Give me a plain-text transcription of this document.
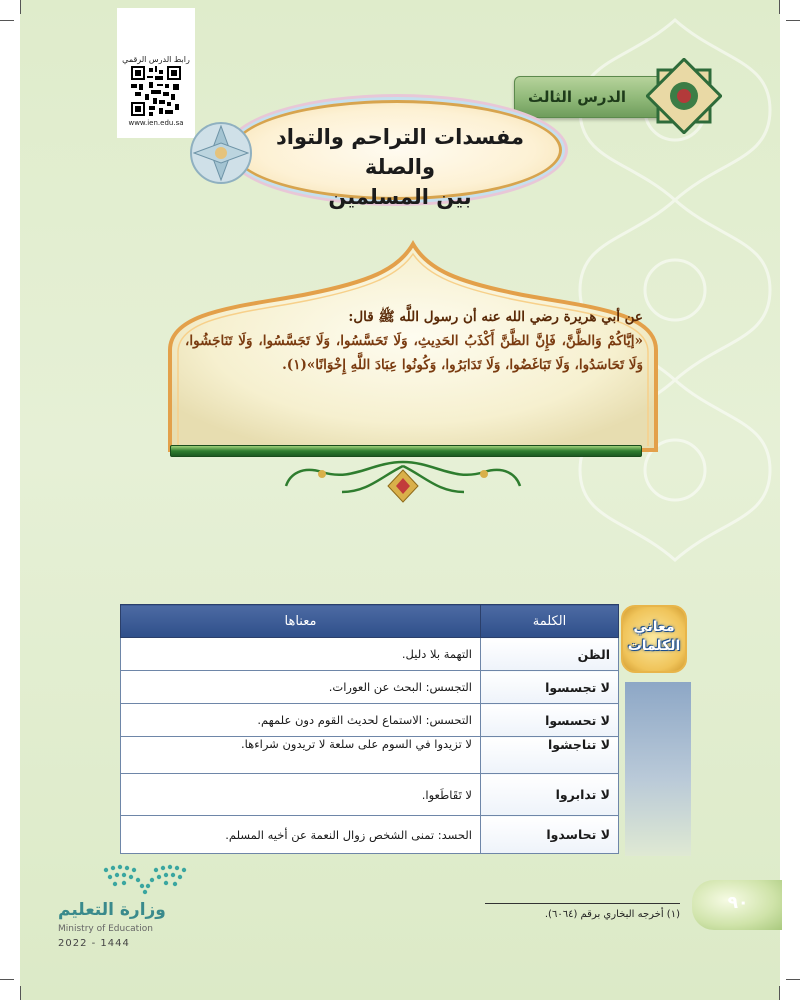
رابط الدرس الرقمي
www.ien.edu.sa
الدرس الثالث
مفسدات التراحم والتواد والصلة
بين المسلمين
عن أبي هريرة رضي الله عنه أن رسول اللَّه ﷺ قال:
«إيَّاكُمْ وَالظَّنَّ، فَإِنَّ الظَّنَّ أَكْذَبُ الحَدِيثِ، وَلَا تَحَسَّسُوا، وَلَا تَجَسَّسُوا، وَلَا تَنَاجَشُوا، وَلَا تَحَاسَدُوا، وَلَا تَبَاغَضُوا، وَلَا تَدَابَرُوا، وَكُونُوا عِبَادَ اللَّهِ إِخْوَانًا»(١).
معاني
الكلمات
الكلمة	معناها
الظن	التهمة بلا دليل.
لا تجسسوا	التجسس: البحث عن العورات.
لا تحسسوا	التحسس: الاستماع لحديث القوم دون علمهم.
لا تناجشوا	لا تزيدوا في السوم على سلعة لا تريدون شراءها.
لا تدابروا	لا تَقَاطَعوا.
لا تحاسدوا	الحسد: تمنى الشخص زوال النعمة عن أخيه المسلم.
(١) أخرجه البخاري برقم (٦٠٦٤).
٩٠
وزارة التعليم
Ministry of Education
2022 - 1444
